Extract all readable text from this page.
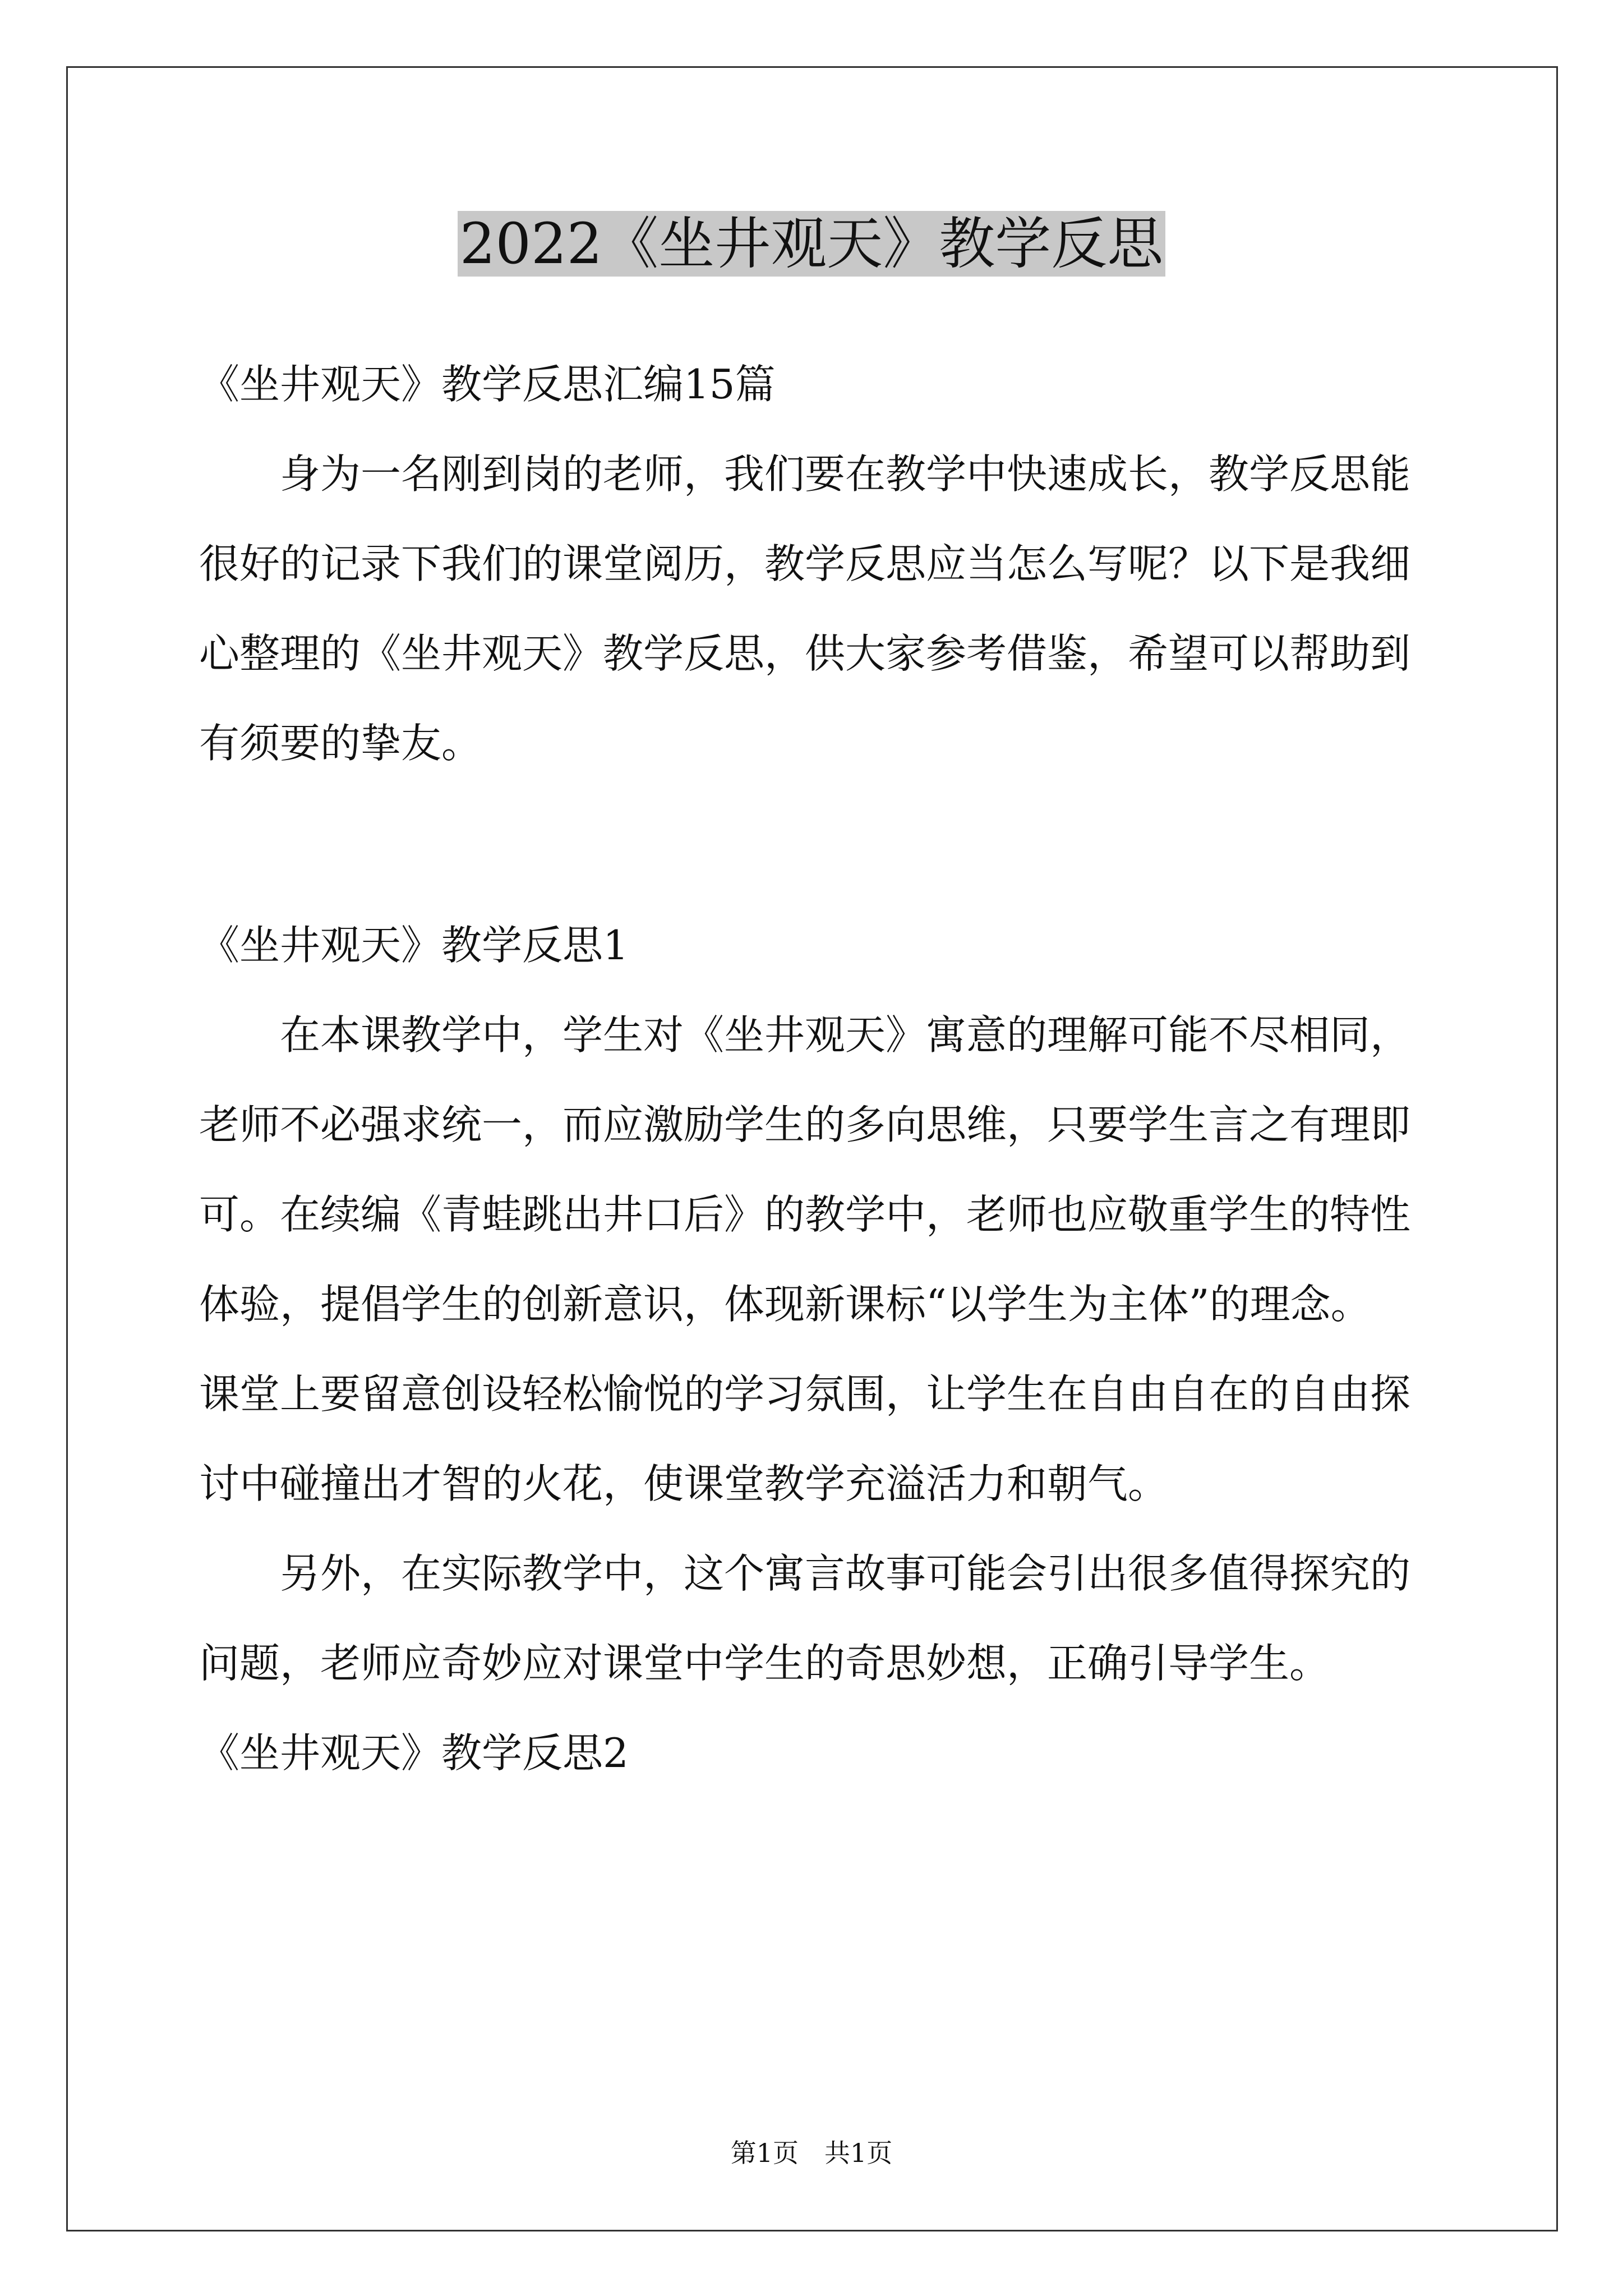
2022《坐井观天》教学反思
《坐井观天》教学反思汇编15篇
身为一名刚到岗的老师，我们要在教学中快速成长，教学反思能
很好的记录下我们的课堂阅历，教学反思应当怎么写呢？以下是我细
心整理的《坐井观天》教学反思，供大家参考借鉴，希望可以帮助到
有须要的挚友。
《坐井观天》教学反思1
在本课教学中，学生对《坐井观天》寓意的理解可能不尽相同，
老师不必强求统一，而应激励学生的多向思维，只要学生言之有理即
可。在续编《青蛙跳出井口后》的教学中，老师也应敬重学生的特性
体验，提倡学生的创新意识，体现新课标“以学生为主体”的理念。
课堂上要留意创设轻松愉悦的学习氛围，让学生在自由自在的自由探
讨中碰撞出才智的火花，使课堂教学充溢活力和朝气。
另外，在实际教学中，这个寓言故事可能会引出很多值得探究的
问题，老师应奇妙应对课堂中学生的奇思妙想，正确引导学生。
《坐井观天》教学反思2
第1页 共1页
